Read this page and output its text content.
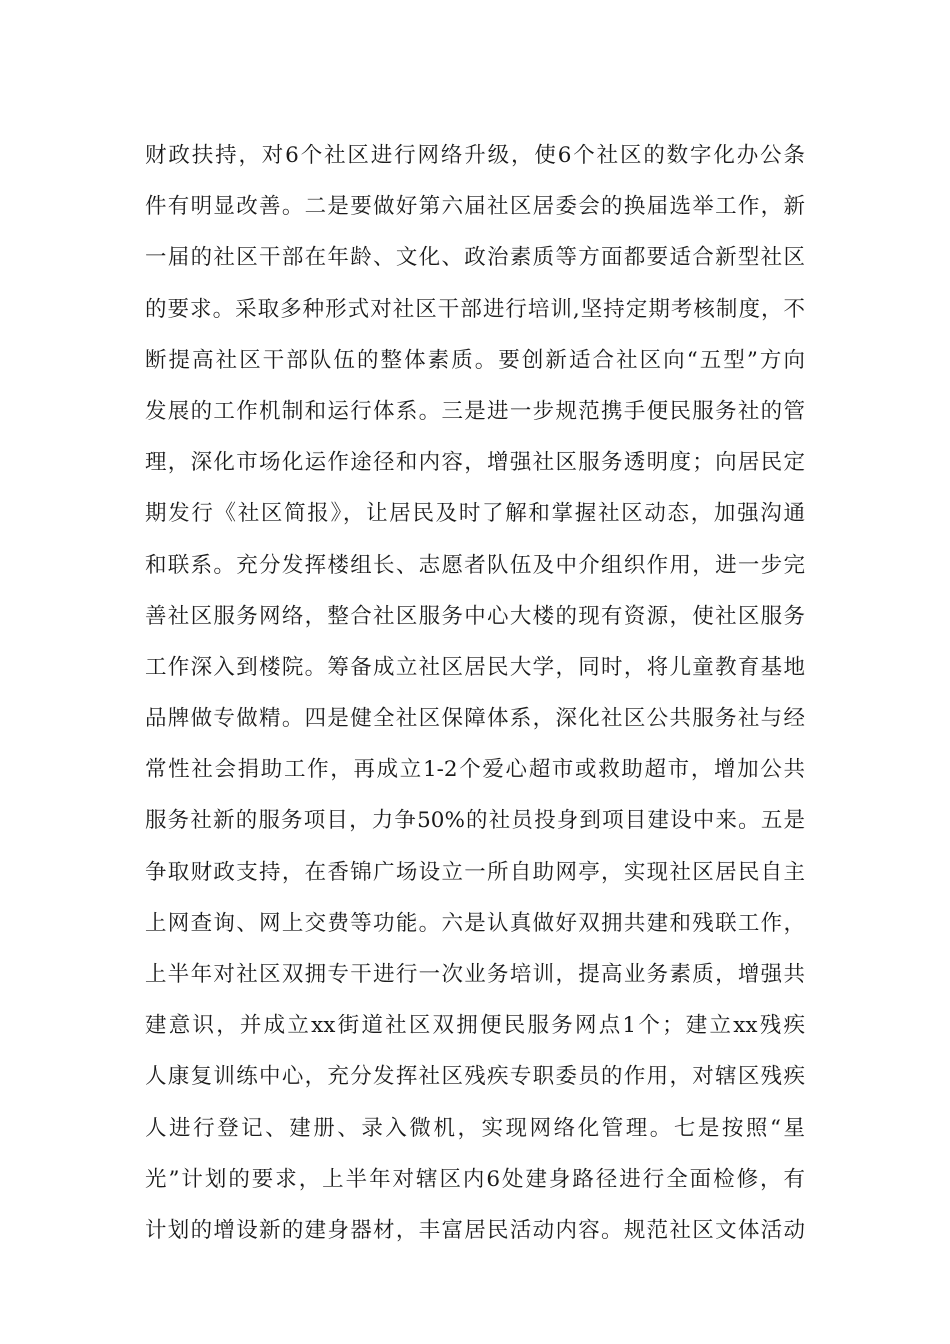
财政扶持，对6个社区进行网络升级，使6个社区的数字化办公条
件有明显改善。二是要做好第六届社区居委会的换届选举工作，新
一届的社区干部在年龄、文化、政治素质等方面都要适合新型社区
的要求。采取多种形式对社区干部进行培训,坚持定期考核制度，不
断提高社区干部队伍的整体素质。要创新适合社区向“五型”方向
发展的工作机制和运行体系。三是进一步规范携手便民服务社的管
理，深化市场化运作途径和内容，增强社区服务透明度；向居民定
期发行《社区简报》，让居民及时了解和掌握社区动态，加强沟通
和联系。充分发挥楼组长、志愿者队伍及中介组织作用，进一步完
善社区服务网络，整合社区服务中心大楼的现有资源，使社区服务
工作深入到楼院。筹备成立社区居民大学，同时，将儿童教育基地
品牌做专做精。四是健全社区保障体系，深化社区公共服务社与经
常性社会捐助工作，再成立1-2个爱心超市或救助超市，增加公共
服务社新的服务项目，力争50%的社员投身到项目建设中来。五是
争取财政支持，在香锦广场设立一所自助网亭，实现社区居民自主
上网查询、网上交费等功能。六是认真做好双拥共建和残联工作，
上半年对社区双拥专干进行一次业务培训，提高业务素质，增强共
建意识，并成立xx街道社区双拥便民服务网点1个；建立xx残疾
人康复训练中心，充分发挥社区残疾专职委员的作用，对辖区残疾
人进行登记、建册、录入微机，实现网络化管理。七是按照“星
光”计划的要求，上半年对辖区内6处建身路径进行全面检修，有
计划的增设新的建身器材，丰富居民活动内容。规范社区文体活动
